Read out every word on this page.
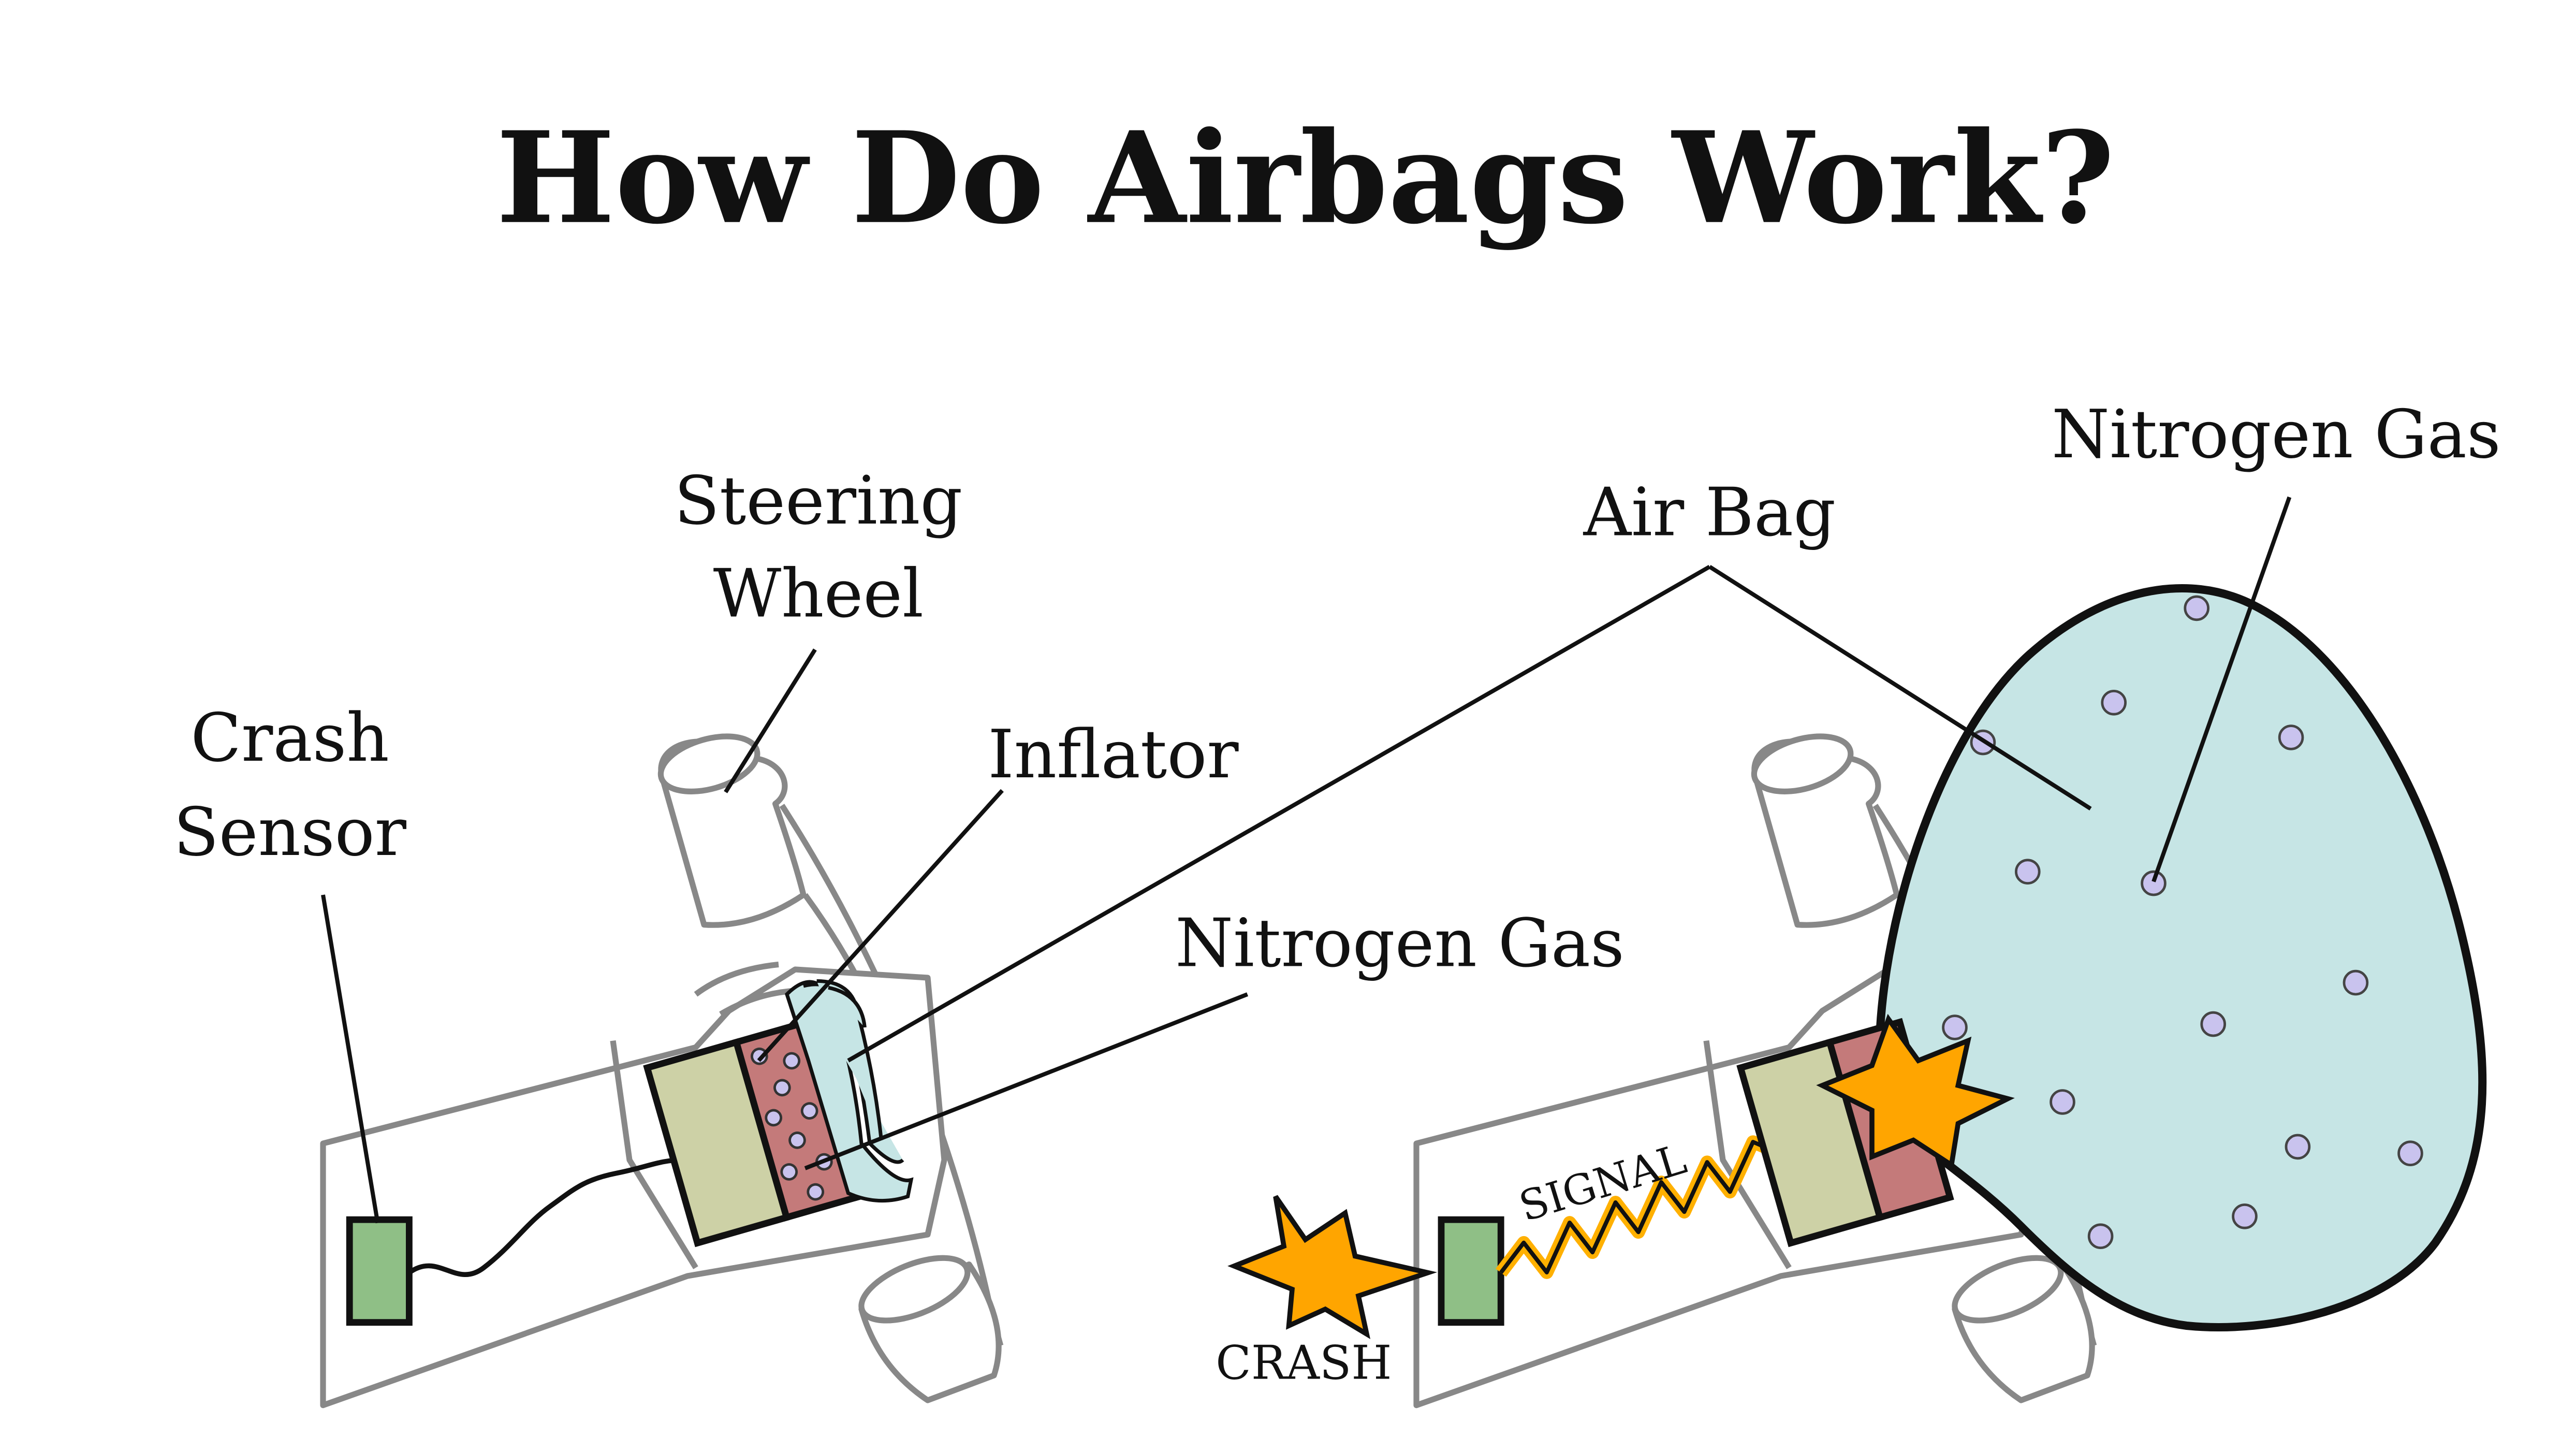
How Do Airbags Work?
Steering
Wheel
Crash
Sensor
Inflator
Nitrogen Gas
SIGNAL
CRASH
Air Bag
Nitrogen Gas
